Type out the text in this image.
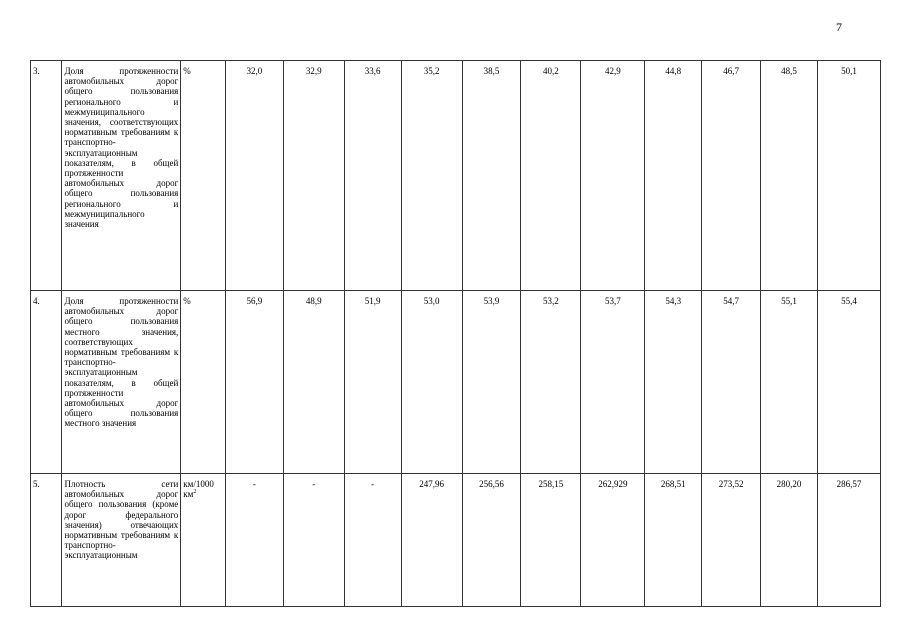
7
3.	Доля протяженности автомобильных дорог общего пользования регионального и межмуниципального значения, соответствующих нормативным требованиям к транспортно-эксплуатационным показателям, в общей протяженности автомобильных дорог общего пользования регионального и межмуниципального значения	%	32,0	32,9	33,6	35,2	38,5	40,2	42,9	44,8	46,7	48,5	50,1
4.	Доля протяженности автомобильных дорог общего пользования местного значения, соответствующих нормативным требованиям к транспортно-эксплуатационным показателям, в общей протяженности автомобильных дорог общего пользования местного значения	%	56,9	48,9	51,9	53,0	53,9	53,2	53,7	54,3	54,7	55,1	55,4
5.	Плотность сети автомобильных дорог общего пользования (кроме дорог федерального значения) отвечающих нормативным требованиям к транспортно-эксплуатационным	км/1000 $км^2$	-	-	-	247,96	256,56	258,15	262,929	268,51	273,52	280,20	286,57
